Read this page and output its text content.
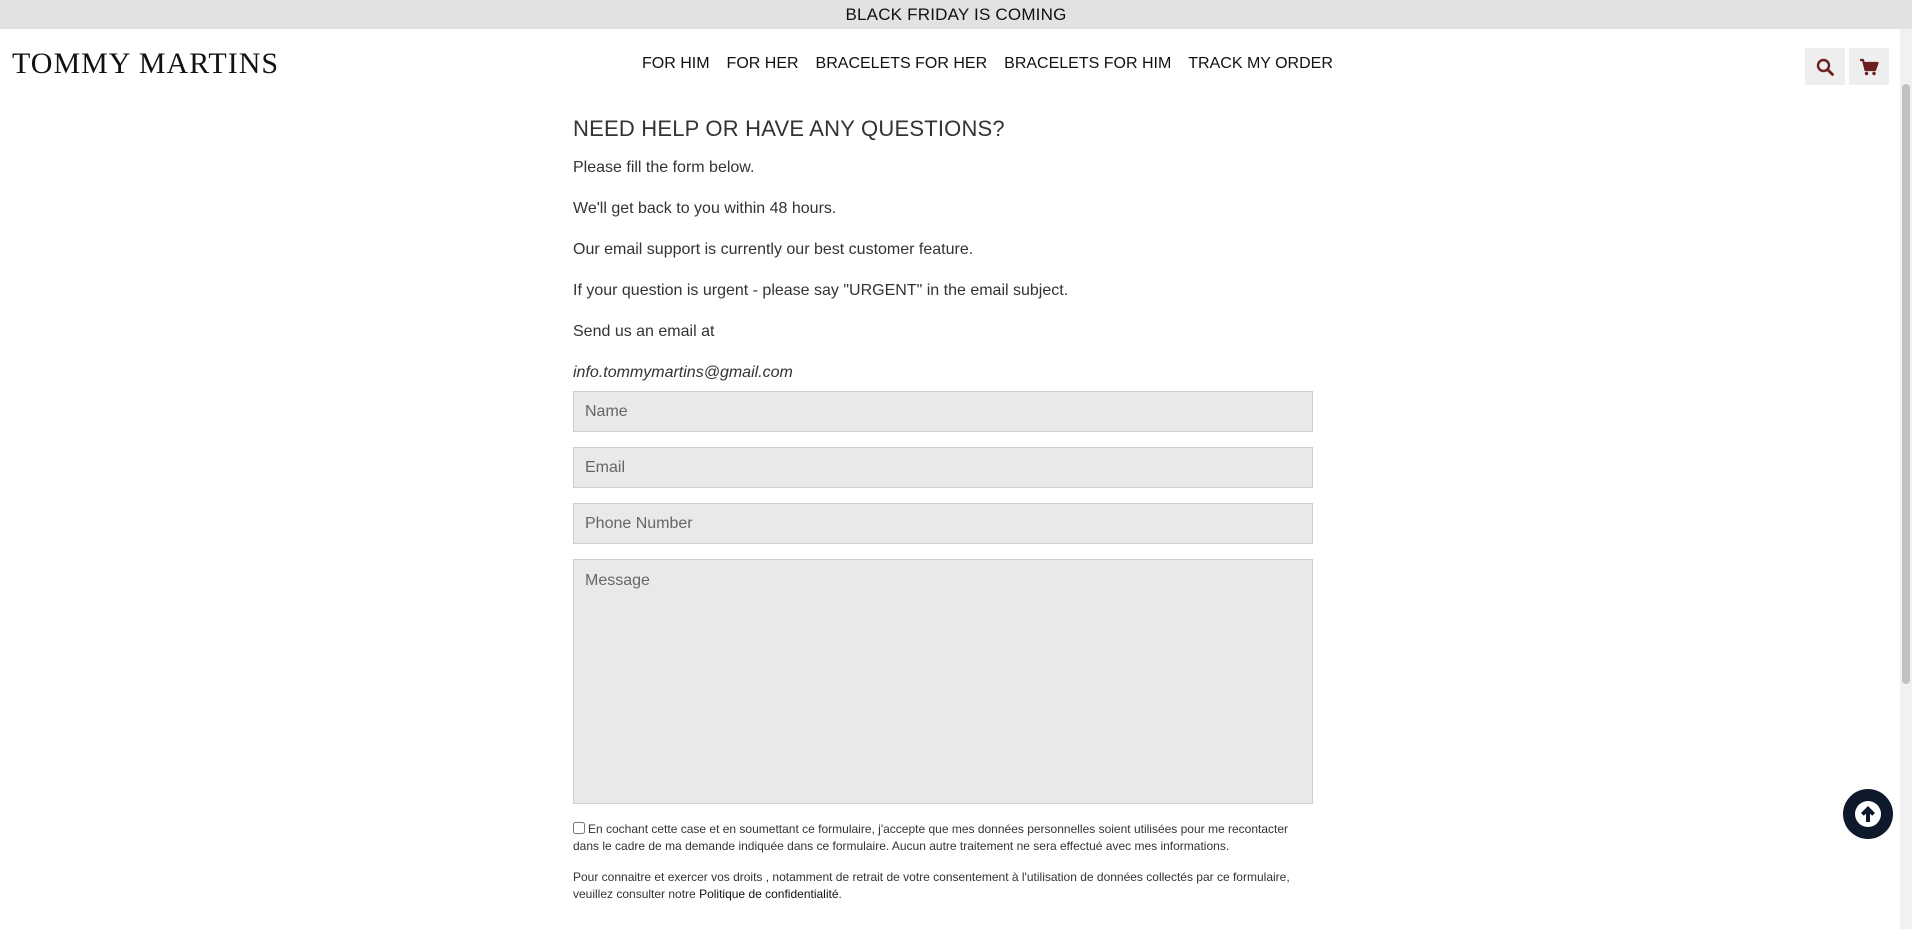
BLACK FRIDAY IS COMING
TOMMY MARTINS	FOR HIM FOR HER BRACELETS FOR HER BRACELETS FOR HIM TRACK MY ORDER
NEED HELP OR HAVE ANY QUESTIONS?

Please fill the form below.

We'll get back to you within 48 hours.

Our email support is currently our best customer feature.

If your question is urgent - please say "URGENT" in the email subject.

Send us an email at

info.tommymartins@gmail.com

Name
Email
Phone Number
Message
En cochant cette case et en soumettant ce formulaire, j'accepte que mes données personnelles soient utilisées pour me recontacter dans le cadre de ma demande indiquée dans ce formulaire. Aucun autre traitement ne sera effectué avec mes informations.
Pour connaitre et exercer vos droits , notamment de retrait de votre consentement à l'utilisation de données collectés par ce formulaire, veuillez consulter notre Politique de confidentialité.
